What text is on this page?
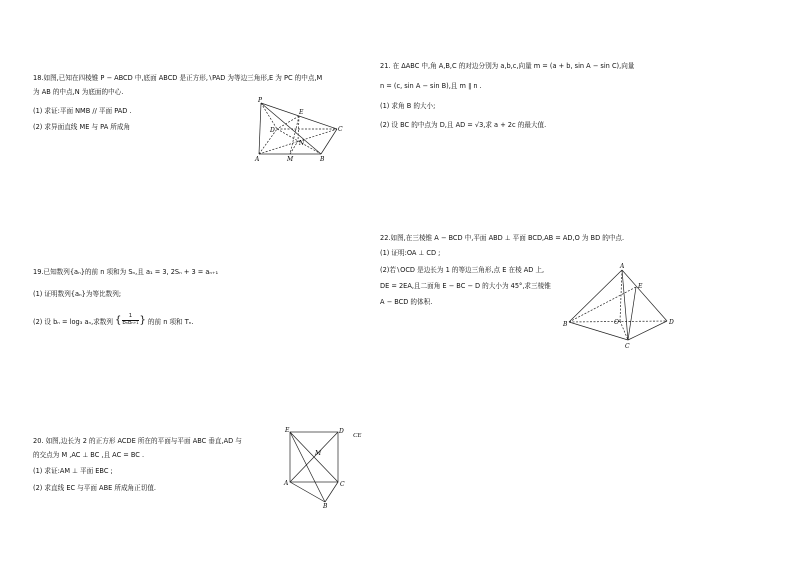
18.如图,已知在四棱锥 P − ABCD 中,底面 ABCD 是正方形,∖PAD 为等边三角形,E 为 PC 的中点,M
为 AB 的中点,N 为底面的中心.
(1) 求证:平面 NMB // 平面 PAD .
(2) 求异面直线 ME 与 PA 所成角
P
E
D	C
N
A	M	B
19.已知数列{aₙ}的前 n 项和为 Sₙ,且 a₁ = 3, 2Sₙ + 3 = aₙ₊₁
(1) 证明数列{aₙ}为等比数列;
(2) 设 bₙ = log₃ aₙ,求数列 { 1
bₙbₙ₊₁ } 的前 n 项和 Tₙ.
20. 如图,边长为 2 的正方形 ACDE 所在的平面与平面 ABC 垂直,AD 与
的交点为 M ,AC ⊥ BC ,且 AC = BC .
(1) 求证:AM ⊥ 平面 EBC ;
(2) 求直线 EC 与平面 ABE 所成角正切值.
E	D
M
A	C
B
CE
21. 在 ΔABC 中,角 A,B,C 的对边分别为 a,b,c,向量 m = (a + b, sin A − sin C),向量
n = (c, sin A − sin B),且 m ∥ n .
(1) 求角 B 的大小;
(2) 设 BC 的中点为 D,且 AD = √3,求 a + 2c 的最大值.
22.如图,在三棱锥 A − BCD 中,平面 ABD ⊥ 平面 BCD,AB = AD,O 为 BD 的中点.
(1) 证明:OA ⊥ CD ;
(2)若∖OCD 是边长为 1 的等边三角形,点 E 在棱 AD 上,
DE = 2EA,且二面角 E − BC − D 的大小为 45°,求三棱锥
A − BCD 的体积.
A
E
B	O	D
C
